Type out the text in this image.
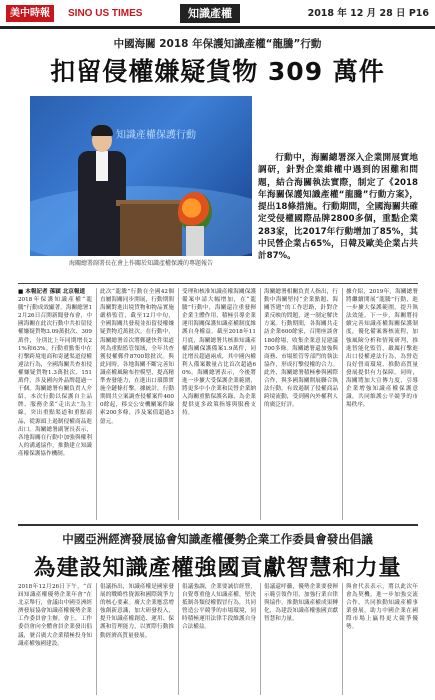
美中時報	SINO US TIMES	知識產權	2018 年 12 月 28 日 P16
中國海關 2018 年保護知識產權“龍騰”行動
扣留侵權嫌疑貨物 309 萬件
知識產權保護行動
海關總署副署長在會上作關於知識產權保護的專題報告
行動中，海關總署深入企業開展實地調研，針對企業維權中遇到的困難和問題，結合海關執法實際，制定了《2018年海關保護知識產權“龍騰”行動方案》，提出18條措施。行動期間，全國海關共確定受侵權國際品牌2800多個，重點企業283家，比2017年行動增加了85%，其中民營企業占65%，日韓及歐美企業占共計87%。
■ 本報記者 孫穎 北京報道
2018年保護知識產權“龍騰”行動成效顯著。海關總署12月26日召開新聞發布會，中國海關在此次行動中共扣留侵權嫌疑貨物3.09萬批次、309萬件，分別比上年同期增長21%和63%。行動重點集中在打擊跨境電商和寄遞渠道侵權違法行為，全國海關共查扣侵權嫌疑貨物1.3萬批次、151萬件，涉及國內外品牌超過一千個。海關總署有關負責人介紹，本次行動以保護自主品牌、服務企業“走出去”為主線，突出重點渠道和重點商品，從源頭上遏制侵權商品進出口。海關總署副署長表示，各地海關在行動中加強與權利人的溝通協作，推動建立知識產權保護協作機制。
此次“龍騰”行動在全國42個直屬海關同步開展，行動期間海關對進出境貨物和物品實施嚴格監管，截至12月中旬，全國海關共發現並扣留侵權嫌疑貨物近萬批次。在行動中，海關總署首次將郵遞快件渠道列為重點監管領域，全年共查獲侵權郵件8700餘批次。與此同時，各地海關不斷完善知識產權風險布控模型，提高精準查發能力，在進出口環節實施全鏈條打擊。據統計，行動期間共立案調查侵權案件4600餘起，移交公安機關案件線索200多條，涉及案值超過3億元。
受理和核准知識產權海關保護備案申請大幅增加，在“龍騰”行動中，海關還注重發揮企業主體作用，積極引導企業運用海關保護知識產權制度維護自身權益。截至2018年11月底，海關總署共核准知識產權海關保護備案1.9萬件，同比增長超過兩成，其中國內權利人備案數量占比首次超過60%。海關總署表示，今後將進一步擴大受保護企業範圍，將更多中小企業和民營企業納入海關重點保護名錄，為企業提供更多政策指導與服務支持。
海關總署相關負責人指出，行動中海關堅持“企業點題、海關答題”的工作思路，針對企業反映的問題，逐一制定解決方案。行動期間，各海關共走訪企業600餘家，召開座談會180餘場，收集企業意見建議700多條。海關總署還加強與商務、市場監管等部門的執法協作，形成打擊侵權的合力。此外，海關總署積極參與國際合作，與多國海關開展聯合執法行動，有效遏制了侵權商品跨境流動，受到國內外權利人的廣泛好評。
據介紹，2019年，海關總署將繼續開展“龍騰”行動，進一步擴大保護範圍，提升執法效能。下一步，海關將持續完善知識產權海關保護制度，優化備案審核流程，加強風險分析和情報研判，推進智能化監管，嚴厲打擊進出口侵權違法行為，為營造良好營商環境、推動高質量發展提供有力保障。同時，海關將加大宣傳力度，引導企業增強知識產權保護意識，共同維護公平競爭的市場秩序。
中國亞洲經濟發展協會知識產權優勢企業工作委員會發出倡議
為建設知識產權強國貢獻智慧和力量
2018年12月26日下午，“首屆知識產權優勢企業年會”在北京舉行，會議由中國亞洲經濟發展協會知識產權優勢企業工作委員會主辦。會上，工作委員會向全體會員企業發出倡議，號召廣大企業積極投身知識產權強國建設。
倡議指出，知識產權是國家發展的戰略性資源和國際競爭力的核心要素。廣大企業應當增強創新意識，加大研發投入，提升知識產權創造、運用、保護和管理能力，以實際行動推動經濟高質量發展。
倡議強調，企業要誠信經營，自覺尊重他人知識產權，堅決抵制各類侵權假冒行為，共同營造公平競爭的市場環境，同時積極運用法律手段維護自身合法權益。
倡議還呼籲，優勢企業要發揮示範引領作用，加強行業自律與協作，推動知識產權成果轉化，為建設知識產權強國貢獻智慧和力量。
與會代表表示，將以此次年會為契機，進一步加強交流合作，共同推動知識產權事業發展，助力中國企業在國際市場上贏得更大競爭優勢。
